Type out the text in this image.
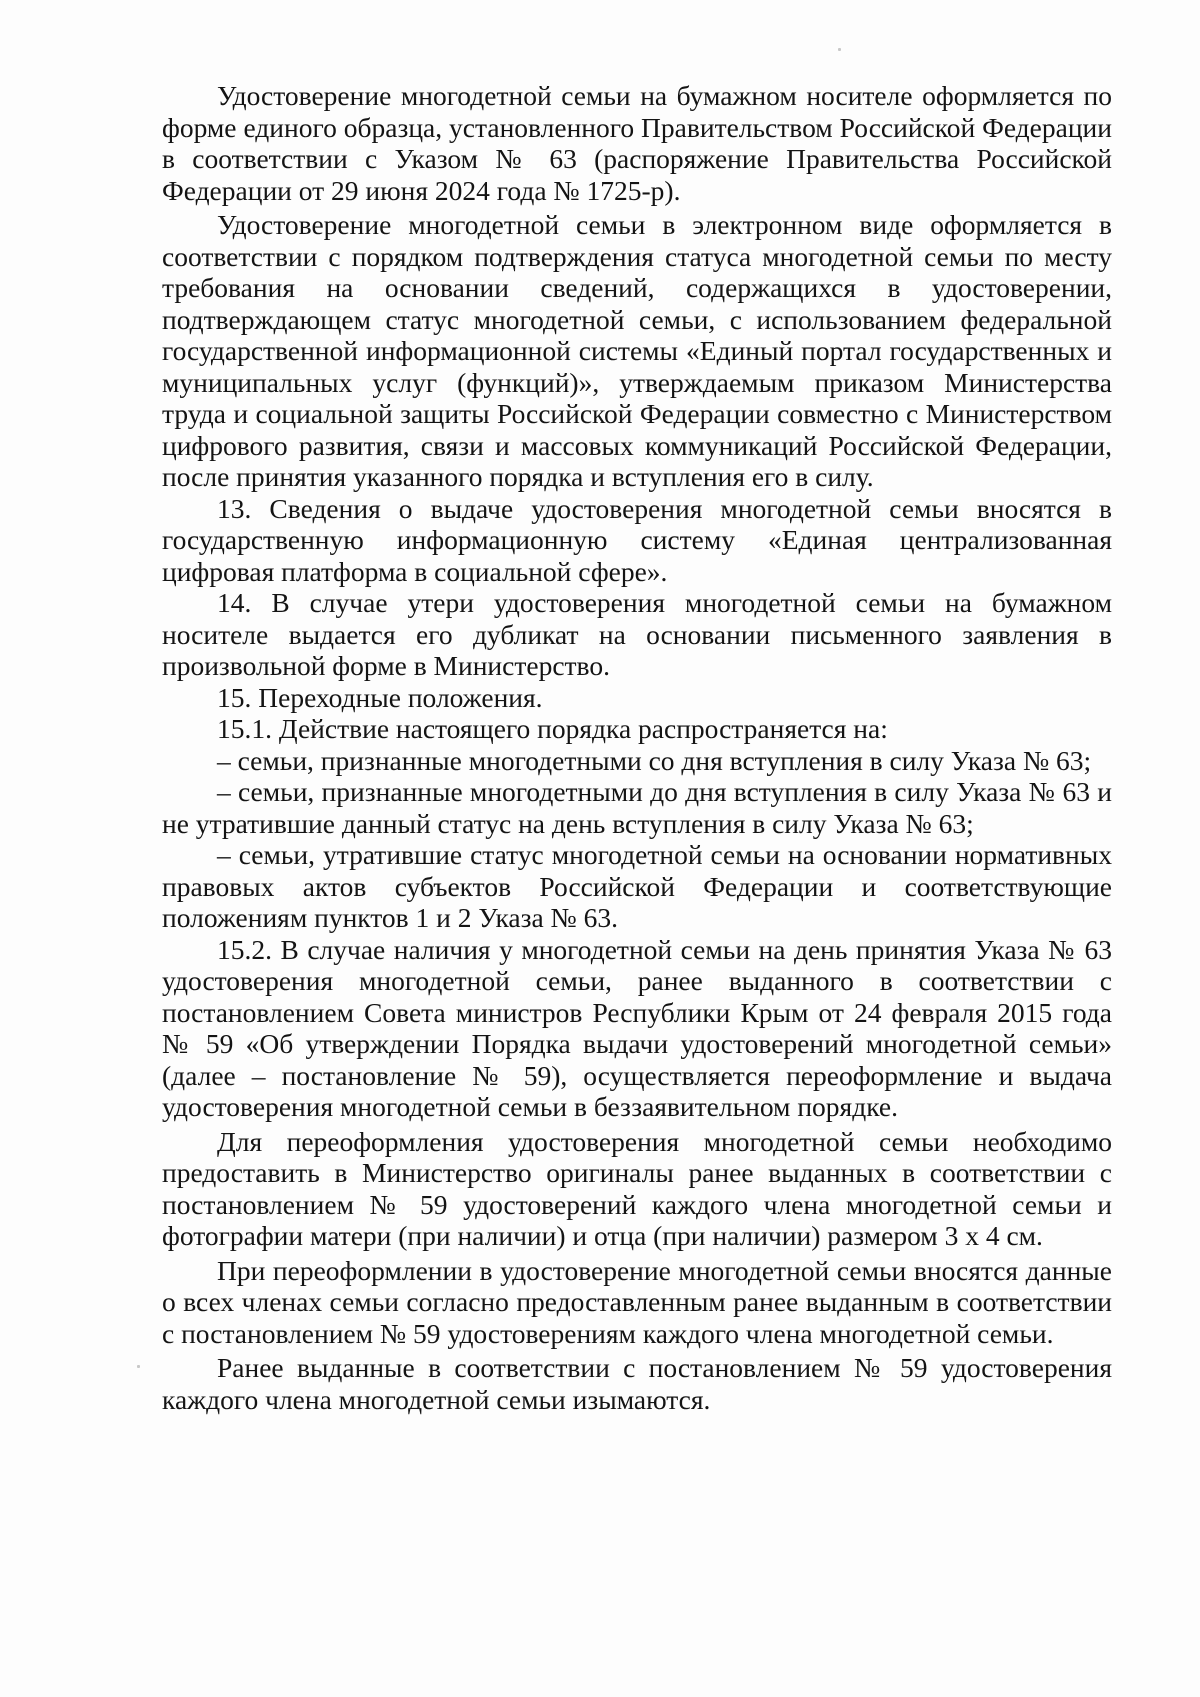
Удостоверение многодетной семьи на бумажном носителе оформляется по форме единого образца, установленного Правительством Российской Федерации в соответствии с Указом № 63 (распоряжение Правительства Российской Федерации от 29 июня 2024 года № 1725-р).

Удостоверение многодетной семьи в электронном виде оформляется в соответствии с порядком подтверждения статуса многодетной семьи по месту требования на основании сведений, содержащихся в удостоверении, подтверждающем статус многодетной семьи, с использованием федеральной государственной информационной системы «Единый портал государственных и муниципальных услуг (функций)», утверждаемым приказом Министерства труда и социальной защиты Российской Федерации совместно с Министерством цифрового развития, связи и массовых коммуникаций Российской Федерации, после принятия указанного порядка и вступления его в силу.

13. Сведения о выдаче удостоверения многодетной семьи вносятся в государственную информационную систему «Единая централизованная цифровая платформа в социальной сфере».

14. В случае утери удостоверения многодетной семьи на бумажном носителе выдается его дубликат на основании письменного заявления в произвольной форме в Министерство.

15. Переходные положения.

15.1. Действие настоящего порядка распространяется на:

– семьи, признанные многодетными со дня вступления в силу Указа № 63;

– семьи, признанные многодетными до дня вступления в силу Указа № 63 и не утратившие данный статус на день вступления в силу Указа № 63;

– семьи, утратившие статус многодетной семьи на основании нормативных правовых актов субъектов Российской Федерации и соответствующие положениям пунктов 1 и 2 Указа № 63.

15.2. В случае наличия у многодетной семьи на день принятия Указа № 63 удостоверения многодетной семьи, ранее выданного в соответствии с постановлением Совета министров Республики Крым от 24 февраля 2015 года № 59 «Об утверждении Порядка выдачи удостоверений многодетной семьи» (далее – постановление № 59), осуществляется переоформление и выдача удостоверения многодетной семьи в беззаявительном порядке.

Для переоформления удостоверения многодетной семьи необходимо предоставить в Министерство оригиналы ранее выданных в соответствии с постановлением № 59 удостоверений каждого члена многодетной семьи и фотографии матери (при наличии) и отца (при наличии) размером 3 х 4 см.

При переоформлении в удостоверение многодетной семьи вносятся данные о всех членах семьи согласно предоставленным ранее выданным в соответствии с постановлением № 59 удостоверениям каждого члена многодетной семьи.

Ранее выданные в соответствии с постановлением № 59 удостоверения каждого члена многодетной семьи изымаются.
